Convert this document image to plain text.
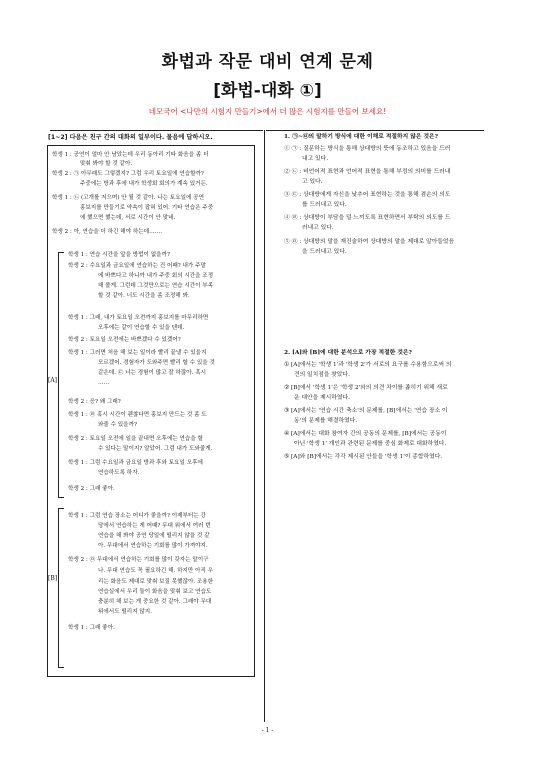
화법과 작문 대비 연계 문제
[화법-대화 ①]
네모국어 <나만의 시험지 만들기>에서 더 많은 시험지를 만들어 보세요!
[1~2] 다음은 친구 간의 대화의 일부이다. 물음에 답하시오.
학생 1 : 공연이 얼마 안 남았는데 우리 동아리 기타 화음을 좀 더
맞춰 봐야 할 것 같아.
학생 2 : ㉠ 아무래도 그렇겠지? 그럼 우리 토요일에 연습할까?
주중에는 방과 후에 내가 학생회 회의가 계속 있거든.
학생 1 : ㉡ (고개를 저으며) 안 될 것 같아. 나는 토요일에 공연
홍보지를 만들기로 약속이 잡혀 있어. 기타 연습은 주중
에 했으면 했는데, 서로 시간이 안 맞네.
학생 2 : 아, 연습을 더 하긴 해야 하는데…….
[A]
학생 1 : 연습 시간을 앞을 방법이 없을까?
학생 2 : 수요일과 금요일에 연습하는 건 어때? 내가 주말
에 바쁘다고 하니까 내가 주중 회의 시간을 조정
해 볼게. 그런데 그것만으로는 연습 시간이 부족
할 것 같아. 너도 시간을 좀 조정해 봐.
학생 1 : 그래, 내가 토요일 오전까지 홍보지를 마무리하면
오후에는 같이 연습할 수 있을 텐데.
학생 2 : 토요일 오전에는 바쁘겠다 수 있겠어?
학생 1 : 그러면 처음 해 보는 일이라 빨리 끝낼 수 있을지
모르겠어. 경험자가 도와주면 빨리 할 수 있을 것
같은데. ㉢ 너는 경험이 많고 잘 하잖아. 혹시
……
학생 2 : 응? 왜 그래?
학생 1 : ㉣ 혹시 시간이 괜찮다면 홍보지 만드는 것 좀 도
와줄 수 있을까?
학생 2 : 토요일 오전에 일을 끝내면 오후에는 연습을 할
수 있다는 말이지? 알았어. 그럼 내가 도와줄게.
학생 1 : 그럼 수요일과 금요일 방과 후와 토요일 오후에
연습하도록 하자.
학생 2 : 그래 좋아.
[B]
학생 1 : 그럼 연습 장소는 어디가 좋을까? 이제부터는 강
당에서 연습하는 게 어때? 무대 위에서 여러 번
연습을 해 봐야 공연 당일에 떨리지 않을 것 같
아. 무대에서 연습하는 기회를 많이 가져야지.
학생 2 : ㉤ 무대에서 연습하는 기회를 많이 갖자는 말이구
나. 무대 연습도 꼭 필요하긴 해. 하지만 아직 우
리는 화음도 제대로 맞춰 보질 못했잖아. 조용한
연습실에서 우리 둘이 화음을 맞춰 보고 연습도
충분히 해 보는 게 중요한 것 같아. 그래야 무대
위에서도 떨리지 않지.
학생 1 : 그래 좋아.
1. ㉠~㉤의 말하기 방식에 대한 이해로 적절하지 않은 것은?
① ㉠ : 질문하는 방식을 통해 상대방의 뜻에 동조하고 있음을 드러
내고 있다.
② ㉡ : 비언어적 표현과 언어적 표현을 통해 부정의 의미를 드러내
고 있다.
③ ㉢ : 상대방에게 자신을 낮추어 표현하는 것을 통해 겸손의 의도
를 드러내고 있다.
④ ㉣ : 상대방이 부담을 덜 느끼도록 표현하면서 부탁의 의도를 드
러내고 있다.
⑤ ㉤ : 상대방의 말을 재진술하여 상대방의 말을 제대로 알아들었음
을 드러내고 있다.
2. [A]와 [B]에 대한 분석으로 가장 적절한 것은?
① [A]에서는 '학생 1'과 '학생 2'가 서로의 요구를 수용함으로써 의
견의 일치점을 찾았다.
② [B]에서 '학생 1'은 '학생 2'와의 의견 차이를 좁히기 위해 새로
운 대안을 제시하였다.
③ [A]에서는 '연습 시간 축소'의 문제를, [B]에서는 '연습 장소 이
동'의 문제를 해결하였다.
④ [A]에서는 대화 참여자 간의 공동의 문제를, [B]에서는 공동이
아닌 '학생 1' 개인과 관련된 문제를 중심 화제로 대화하였다.
⑤ [A]와 [B]에서는 각각 제시된 안들을 '학생 1'이 종합하였다.
- 1 -
